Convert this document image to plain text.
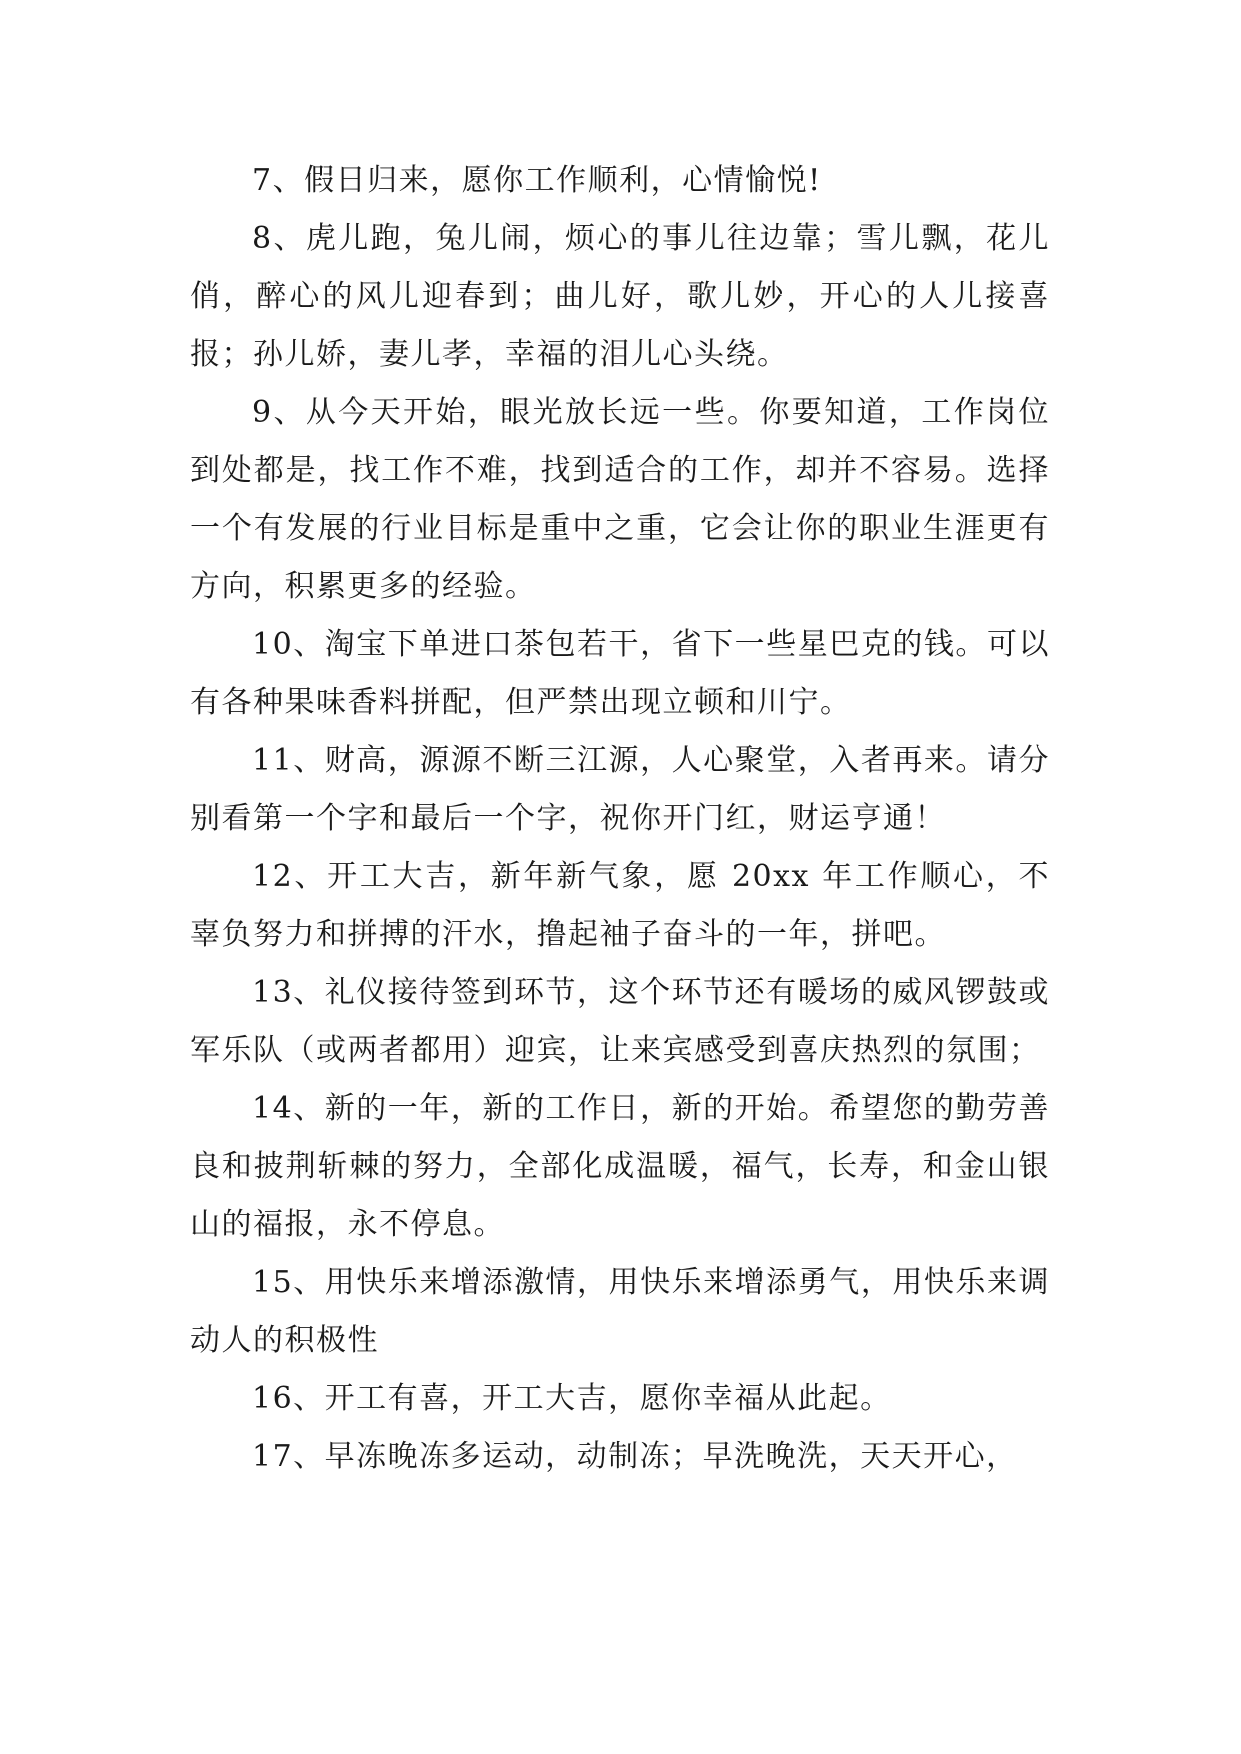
7、假日归来，愿你工作顺利，心情愉悦!

8、虎儿跑，兔儿闹，烦心的事儿往边靠；雪儿飘，花儿俏，醉心的风儿迎春到；曲儿好，歌儿妙，开心的人儿接喜报；孙儿娇，妻儿孝，幸福的泪儿心头绕。

9、从今天开始，眼光放长远一些。你要知道，工作岗位到处都是，找工作不难，找到适合的工作，却并不容易。选择一个有发展的行业目标是重中之重，它会让你的职业生涯更有方向，积累更多的经验。

10、淘宝下单进口茶包若干，省下一些星巴克的钱。可以有各种果味香料拼配，但严禁出现立顿和川宁。

11、财高，源源不断三江源，人心聚堂，入者再来。请分别看第一个字和最后一个字，祝你开门红，财运亨通！

12、开工大吉，新年新气象，愿 20xx 年工作顺心，不辜负努力和拼搏的汗水，撸起袖子奋斗的一年，拼吧。

13、礼仪接待签到环节，这个环节还有暖场的威风锣鼓或军乐队（或两者都用）迎宾，让来宾感受到喜庆热烈的氛围；

14、新的一年，新的工作日，新的开始。希望您的勤劳善良和披荆斩棘的努力，全部化成温暖，福气，长寿，和金山银山的福报，永不停息。

15、用快乐来增添激情，用快乐来增添勇气，用快乐来调动人的积极性

16、开工有喜，开工大吉，愿你幸福从此起。

17、早冻晚冻多运动，动制冻；早洗晚洗，天天开心，
